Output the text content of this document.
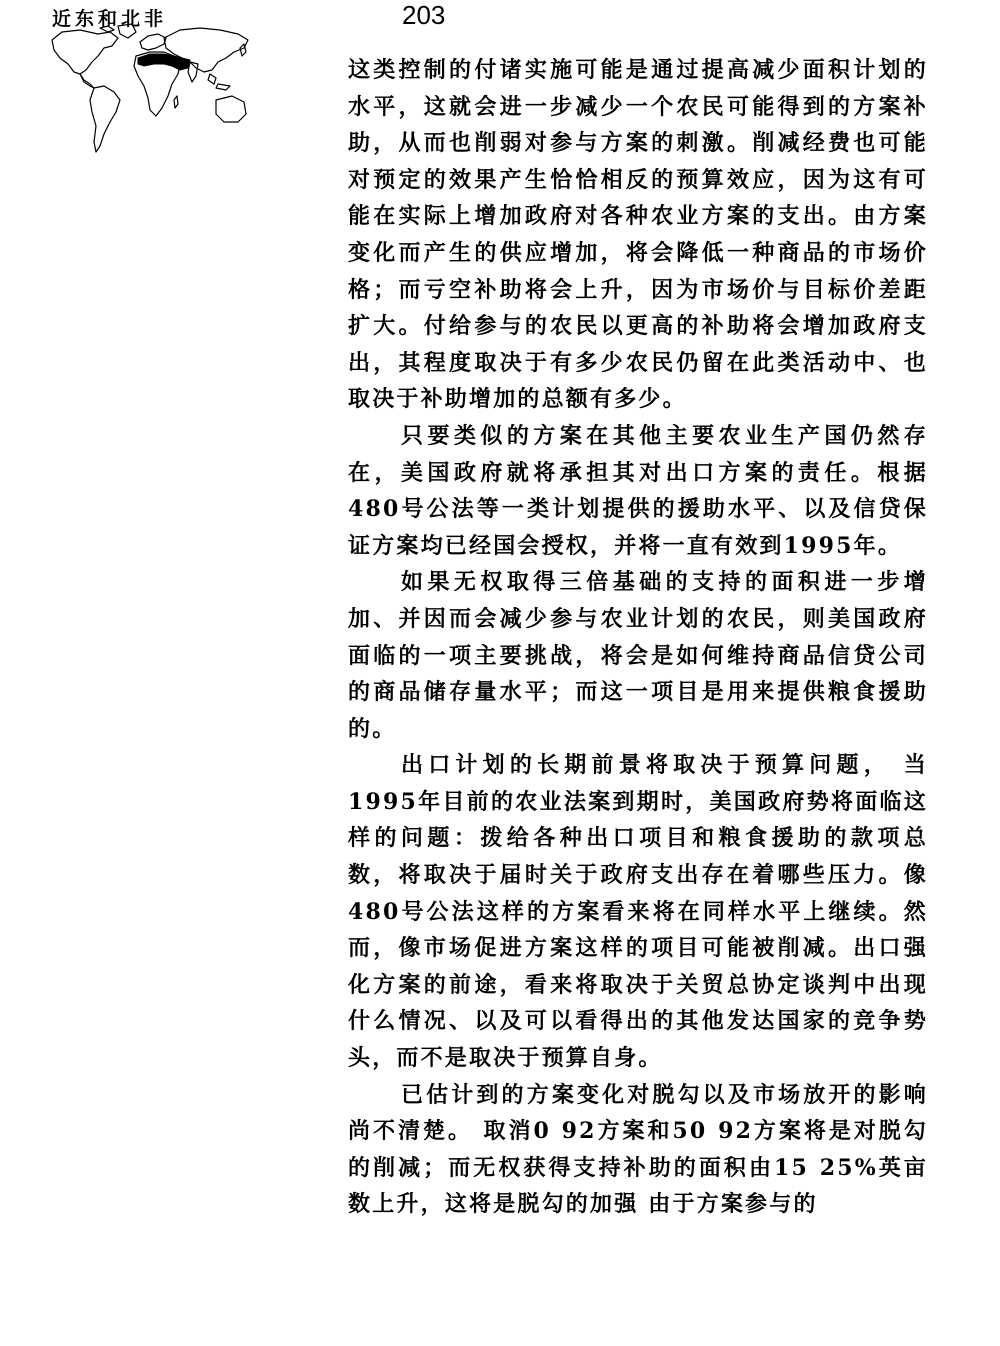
近东和北非	203

这类控制的付诸实施可能是通过提高减少面积计划的水平，这就会进一步减少一个农民可能得到的方案补助，从而也削弱对参与方案的刺激。削减经费也可能对预定的效果产生恰恰相反的预算效应，因为这有可能在实际上增加政府对各种农业方案的支出。由方案变化而产生的供应增加，将会降低一种商品的市场价格；而亏空补助将会上升，因为市场价与目标价差距扩大。付给参与的农民以更高的补助将会增加政府支出，其程度取决于有多少农民仍留在此类活动中、也取决于补助增加的总额有多少。

只要类似的方案在其他主要农业生产国仍然存在，美国政府就将承担其对出口方案的责任。根据480号公法等一类计划提供的援助水平、以及信贷保证方案均已经国会授权，并将一直有效到1995年。

如果无权取得三倍基础的支持的面积进一步增加、并因而会减少参与农业计划的农民，则美国政府面临的一项主要挑战，将会是如何维持商品信贷公司的商品储存量水平；而这一项目是用来提供粮食援助的。

出口计划的长期前景将取决于预算问题， 当1995年目前的农业法案到期时，美国政府势将面临这样的问题：拨给各种出口项目和粮食援助的款项总数，将取决于届时关于政府支出存在着哪些压力。像480号公法这样的方案看来将在同样水平上继续。然而，像市场促进方案这样的项目可能被削减。出口强化方案的前途，看来将取决于关贸总协定谈判中出现什么情况、以及可以看得出的其他发达国家的竞争势头，而不是取决于预算自身。

已估计到的方案变化对脱勾以及市场放开的影响尚不清楚。 取消0 92方案和50 92方案将是对脱勾的削减；而无权获得支持补助的面积由15 25%英亩数上升，这将是脱勾的加强 由于方案参与的
